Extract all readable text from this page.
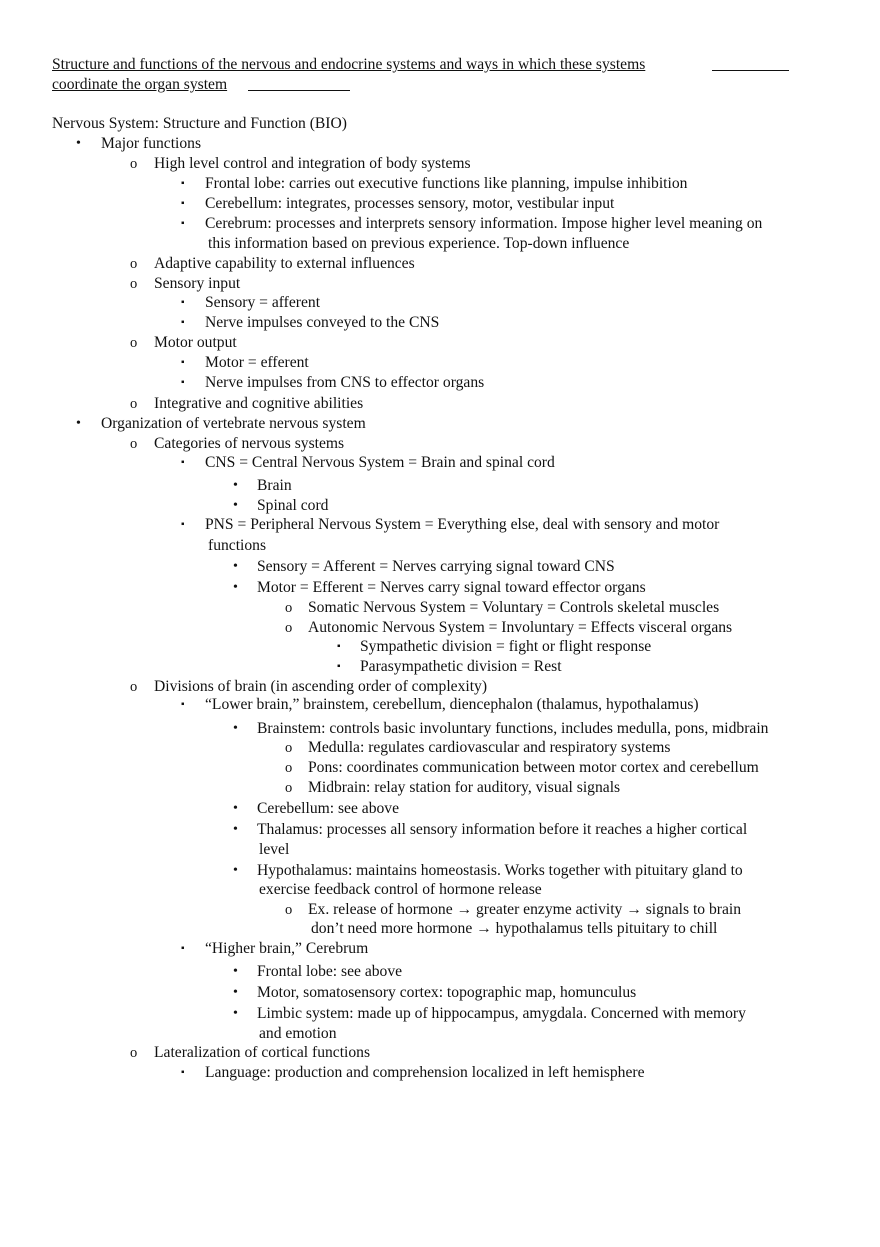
Structure and functions of the nervous and endocrine systems and ways in which these systems
coordinate the organ system
Nervous System: Structure and Function (BIO)
• Major functions
o High level control and integration of body systems
▪ Frontal lobe: carries out executive functions like planning, impulse inhibition
▪ Cerebellum: integrates, processes sensory, motor, vestibular input
▪ Cerebrum: processes and interprets sensory information. Impose higher level meaning on
this information based on previous experience. Top-down influence
o Adaptive capability to external influences
o Sensory input
▪ Sensory = afferent
▪ Nerve impulses conveyed to the CNS
o Motor output
▪ Motor = efferent
▪ Nerve impulses from CNS to effector organs
o Integrative and cognitive abilities
• Organization of vertebrate nervous system
o Categories of nervous systems
▪ CNS = Central Nervous System = Brain and spinal cord
• Brain
• Spinal cord
▪ PNS = Peripheral Nervous System = Everything else, deal with sensory and motor
functions
• Sensory = Afferent = Nerves carrying signal toward CNS
• Motor = Efferent = Nerves carry signal toward effector organs
o Somatic Nervous System = Voluntary = Controls skeletal muscles
o Autonomic Nervous System = Involuntary = Effects visceral organs
▪ Sympathetic division = fight or flight response
▪ Parasympathetic division = Rest
o Divisions of brain (in ascending order of complexity)
▪ “Lower brain,” brainstem, cerebellum, diencephalon (thalamus, hypothalamus)
• Brainstem: controls basic involuntary functions, includes medulla, pons, midbrain
o Medulla: regulates cardiovascular and respiratory systems
o Pons: coordinates communication between motor cortex and cerebellum
o Midbrain: relay station for auditory, visual signals
• Cerebellum: see above
• Thalamus: processes all sensory information before it reaches a higher cortical
level
• Hypothalamus: maintains homeostasis. Works together with pituitary gland to
exercise feedback control of hormone release
o Ex. release of hormone → greater enzyme activity → signals to brain
don’t need more hormone → hypothalamus tells pituitary to chill
▪ “Higher brain,” Cerebrum
• Frontal lobe: see above
• Motor, somatosensory cortex: topographic map, homunculus
• Limbic system: made up of hippocampus, amygdala. Concerned with memory
and emotion
o Lateralization of cortical functions
▪ Language: production and comprehension localized in left hemisphere
